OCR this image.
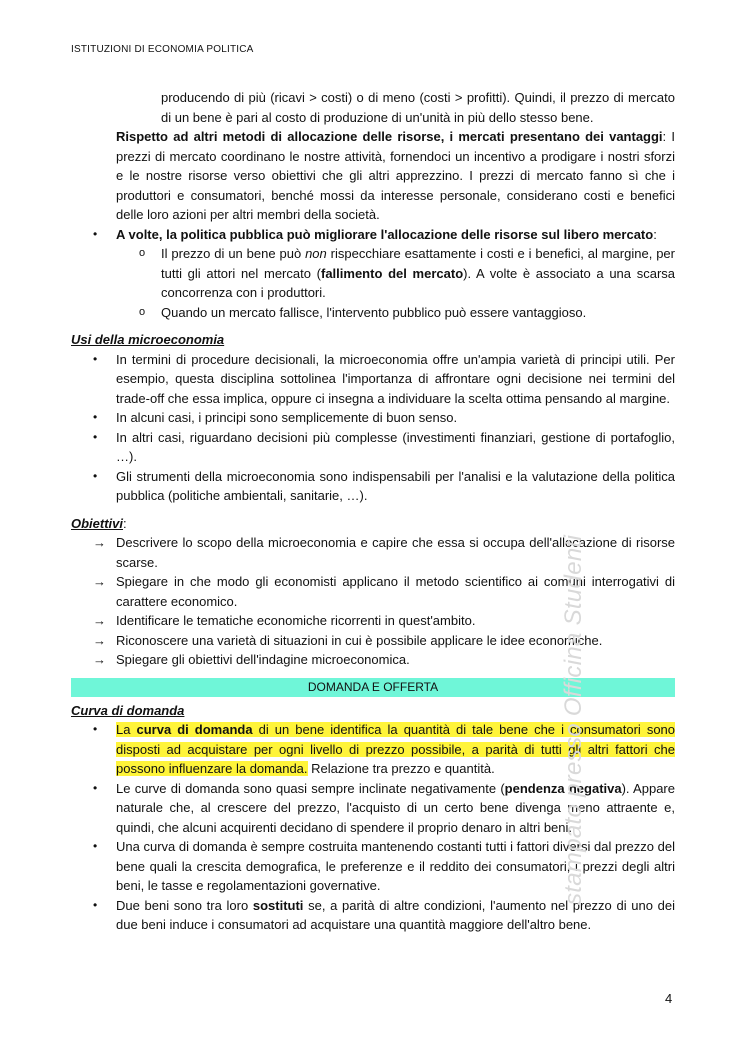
ISTITUZIONI DI ECONOMIA POLITICA

producendo di più (ricavi > costi) o di meno (costi > profitti). Quindi, il prezzo di mercato di un bene è pari al costo di produzione di un'unità in più dello stesso bene.

Rispetto ad altri metodi di allocazione delle risorse, i mercati presentano dei vantaggi: I prezzi di mercato coordinano le nostre attività, fornendoci un incentivo a prodigare i nostri sforzi e le nostre risorse verso obiettivi che gli altri apprezzino. I prezzi di mercato fanno sì che i produttori e consumatori, benché mossi da interesse personale, considerano costi e benefici delle loro azioni per altri membri della società.

• A volte, la politica pubblica può migliorare l'allocazione delle risorse sul libero mercato:
o Il prezzo di un bene può non rispecchiare esattamente i costi e i benefici, al margine, per tutti gli attori nel mercato (fallimento del mercato). A volte è associato a una scarsa concorrenza con i produttori.
o Quando un mercato fallisce, l'intervento pubblico può essere vantaggioso.

Usi della microeconomia

• In termini di procedure decisionali, la microeconomia offre un'ampia varietà di principi utili. Per esempio, questa disciplina sottolinea l'importanza di affrontare ogni decisione nei termini del trade-off che essa implica, oppure ci insegna a individuare la scelta ottima pensando al margine.
• In alcuni casi, i principi sono semplicemente di buon senso.
• In altri casi, riguardano decisioni più complesse (investimenti finanziari, gestione di portafoglio, …).
• Gli strumenti della microeconomia sono indispensabili per l'analisi e la valutazione della politica pubblica (politiche ambientali, sanitarie, …).

Obiettivi:

→ Descrivere lo scopo della microeconomia e capire che essa si occupa dell'allocazione di risorse scarse.
→ Spiegare in che modo gli economisti applicano il metodo scientifico ai comuni interrogativi di carattere economico.
→ Identificare le tematiche economiche ricorrenti in quest'ambito.
→ Riconoscere una varietà di situazioni in cui è possibile applicare le idee economiche.
→ Spiegare gli obiettivi dell'indagine microeconomica.
DOMANDA E OFFERTA

Curva di domanda

• La curva di domanda di un bene identifica la quantità di tale bene che i consumatori sono disposti ad acquistare per ogni livello di prezzo possibile, a parità di tutti gli altri fattori che possono influenzare la domanda. Relazione tra prezzo e quantità.
• Le curve di domanda sono quasi sempre inclinate negativamente (pendenza negativa). Appare naturale che, al crescere del prezzo, l'acquisto di un certo bene divenga meno attraente e, quindi, che alcuni acquirenti decidano di spendere il proprio denaro in altri beni.
• Una curva di domanda è sempre costruita mantenendo costanti tutti i fattori diversi dal prezzo del bene quali la crescita demografica, le preferenze e il reddito dei consumatori, i prezzi degli altri beni, le tasse e regolamentazioni governative.
• Due beni sono tra loro sostituti se, a parità di altre condizioni, l'aumento nel prezzo di uno dei due beni induce i consumatori ad acquistare una quantità maggiore dell'altro bene.
stampato presso Officina Studenti
4
